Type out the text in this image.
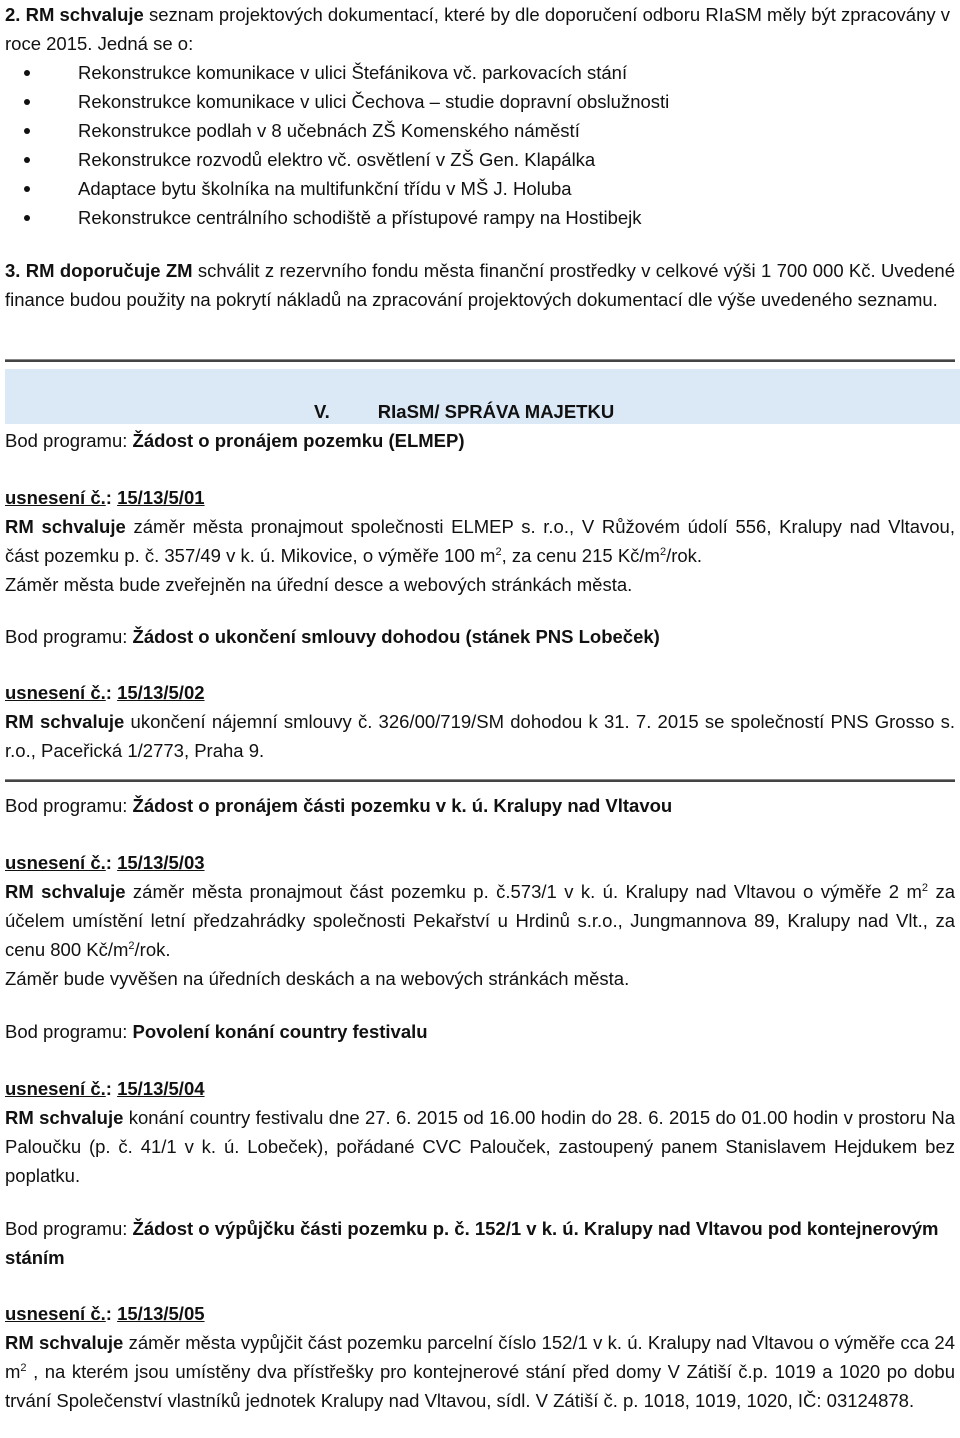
2. RM schvaluje seznam projektových dokumentací, které by dle doporučení odboru RIaSM měly být zpracovány v roce 2015. Jedná se o:

Rekonstrukce komunikace v ulici Štefánikova vč. parkovacích stání
Rekonstrukce komunikace v ulici Čechova – studie dopravní obslužnosti
Rekonstrukce podlah v 8 učebnách ZŠ Komenského náměstí
Rekonstrukce rozvodů elektro vč. osvětlení v ZŠ Gen. Klapálka
Adaptace bytu školníka na multifunkční třídu v MŠ J. Holuba
Rekonstrukce centrálního schodiště a přístupové rampy na Hostibejk

3. RM doporučuje ZM schválit z rezervního fondu města finanční prostředky v celkové výši 1 700 000 Kč. Uvedené finance budou použity na pokrytí nákladů na zpracování projektových dokumentací dle výše uvedeného seznamu.

V.	RIaSM/ SPRÁVA MAJETKU

Bod programu: Žádost o pronájem pozemku (ELMEP)

usnesení č.: 15/13/5/01

RM schvaluje záměr města pronajmout společnosti ELMEP s. r.o., V Růžovém údolí 556, Kralupy nad Vltavou, část pozemku p. č. 357/49 v k. ú. Mikovice, o výměře 100 $m^2$, za cenu 215 $Kč/m^2$/rok.

Záměr města bude zveřejněn na úřední desce a webových stránkách města.

Bod programu: Žádost o ukončení smlouvy dohodou (stánek PNS Lobeček)

usnesení č.: 15/13/5/02

RM schvaluje ukončení nájemní smlouvy č. 326/00/719/SM dohodou k 31. 7. 2015 se společností PNS Grosso s. r.o., Paceřická 1/2773, Praha 9.

Bod programu: Žádost o pronájem části pozemku v k. ú. Kralupy nad Vltavou

usnesení č.: 15/13/5/03

RM schvaluje záměr města pronajmout část pozemku p. č.573/1 v k. ú. Kralupy nad Vltavou o výměře 2 $m^2$ za účelem umístění letní předzahrádky společnosti Pekařství u Hrdinů s.r.o., Jungmannova 89, Kralupy nad Vlt., za cenu 800 $Kč/m^2$/rok.

Záměr bude vyvěšen na úředních deskách a na webových stránkách města.

Bod programu: Povolení konání country festivalu

usnesení č.: 15/13/5/04

RM schvaluje konání country festivalu dne 27. 6. 2015 od 16.00 hodin do 28. 6. 2015 do 01.00 hodin v prostoru Na Paloučku (p. č. 41/1 v k. ú. Lobeček), pořádané CVC Palouček, zastoupený panem Stanislavem Hejdukem bez poplatku.

Bod programu: Žádost o výpůjčku části pozemku p. č. 152/1 v k. ú. Kralupy nad Vltavou pod kontejnerovým stáním

usnesení č.: 15/13/5/05

RM schvaluje záměr města vypůjčit část pozemku parcelní číslo 152/1 v k. ú. Kralupy nad Vltavou o výměře cca 24 $m^2$ , na kterém jsou umístěny dva přístřešky pro kontejnerové stání před domy V Zátiší č.p. 1019 a 1020 po dobu trvání Společenství vlastníků jednotek Kralupy nad Vltavou, sídl. V Zátiší č. p. 1018, 1019, 1020, IČ: 03124878.
